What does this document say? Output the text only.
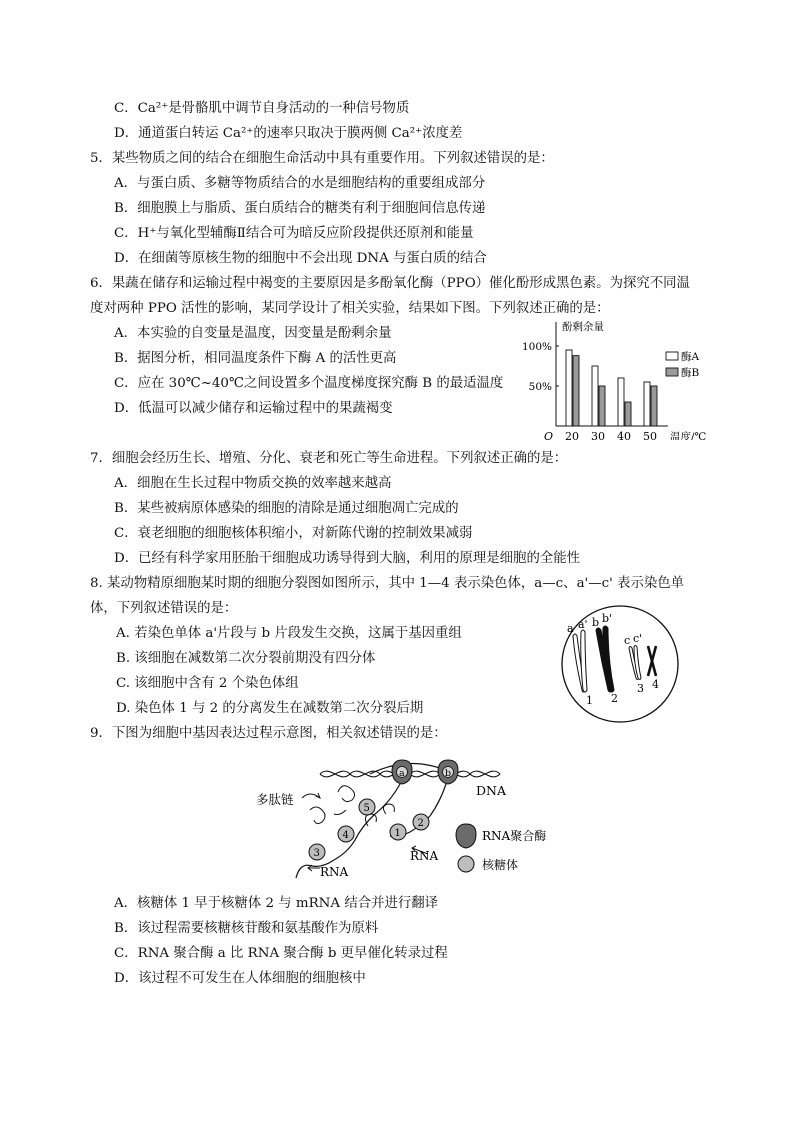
C．Ca²⁺是骨骼肌中调节自身活动的一种信号物质
D．通道蛋白转运 Ca²⁺的速率只取决于膜两侧 Ca²⁺浓度差
5．某些物质之间的结合在细胞生命活动中具有重要作用。下列叙述错误的是：
A．与蛋白质、多糖等物质结合的水是细胞结构的重要组成部分
B．细胞膜上与脂质、蛋白质结合的糖类有利于细胞间信息传递
C．H⁺与氧化型辅酶Ⅱ结合可为暗反应阶段提供还原剂和能量
D．在细菌等原核生物的细胞中不会出现 DNA 与蛋白质的结合
6．果蔬在储存和运输过程中褐变的主要原因是多酚氧化酶（PPO）催化酚形成黑色素。为探究不同温
度对两种 PPO 活性的影响，某同学设计了相关实验，结果如下图。下列叙述正确的是：
A．本实验的自变量是温度，因变量是酚剩余量
B．据图分析，相同温度条件下酶 A 的活性更高
C．应在 30℃~40℃之间设置多个温度梯度探究酶 B 的最适温度
D．低温可以减少储存和运输过程中的果蔬褐变
酚剩余量
温度/℃
O
100%
50%
20 30 40 50
酶A
酶B
7．细胞会经历生长、增殖、分化、衰老和死亡等生命进程。下列叙述正确的是：
A．细胞在生长过程中物质交换的效率越来越高
B．某些被病原体感染的细胞的清除是通过细胞凋亡完成的
C．衰老细胞的细胞核体积缩小，对新陈代谢的控制效果减弱
D．已经有科学家用胚胎干细胞成功诱导得到大脑，利用的原理是细胞的全能性
8. 某动物精原细胞某时期的细胞分裂图如图所示，其中 1—4 表示染色体，a—c、a'—c' 表示染色单
体，下列叙述错误的是：
A. 若染色单体 a'片段与 b 片段发生交换，这属于基因重组
B. 该细胞在减数第二次分裂前期没有四分体
C. 该细胞中含有 2 个染色体组
D. 染色体 1 与 2 的分离发生在减数第二次分裂后期
a a' b b'
c c'
1 2
3 4
9．下图为细胞中基因表达过程示意图，相关叙述错误的是：
a	b
5
4
3
2
1
多肽链
DNA
RNA
RNA
RNA聚合酶
核糖体
A．核糖体 1 早于核糖体 2 与 mRNA 结合并进行翻译
B．该过程需要核糖核苷酸和氨基酸作为原料
C．RNA 聚合酶 a 比 RNA 聚合酶 b 更早催化转录过程
D．该过程不可发生在人体细胞的细胞核中
